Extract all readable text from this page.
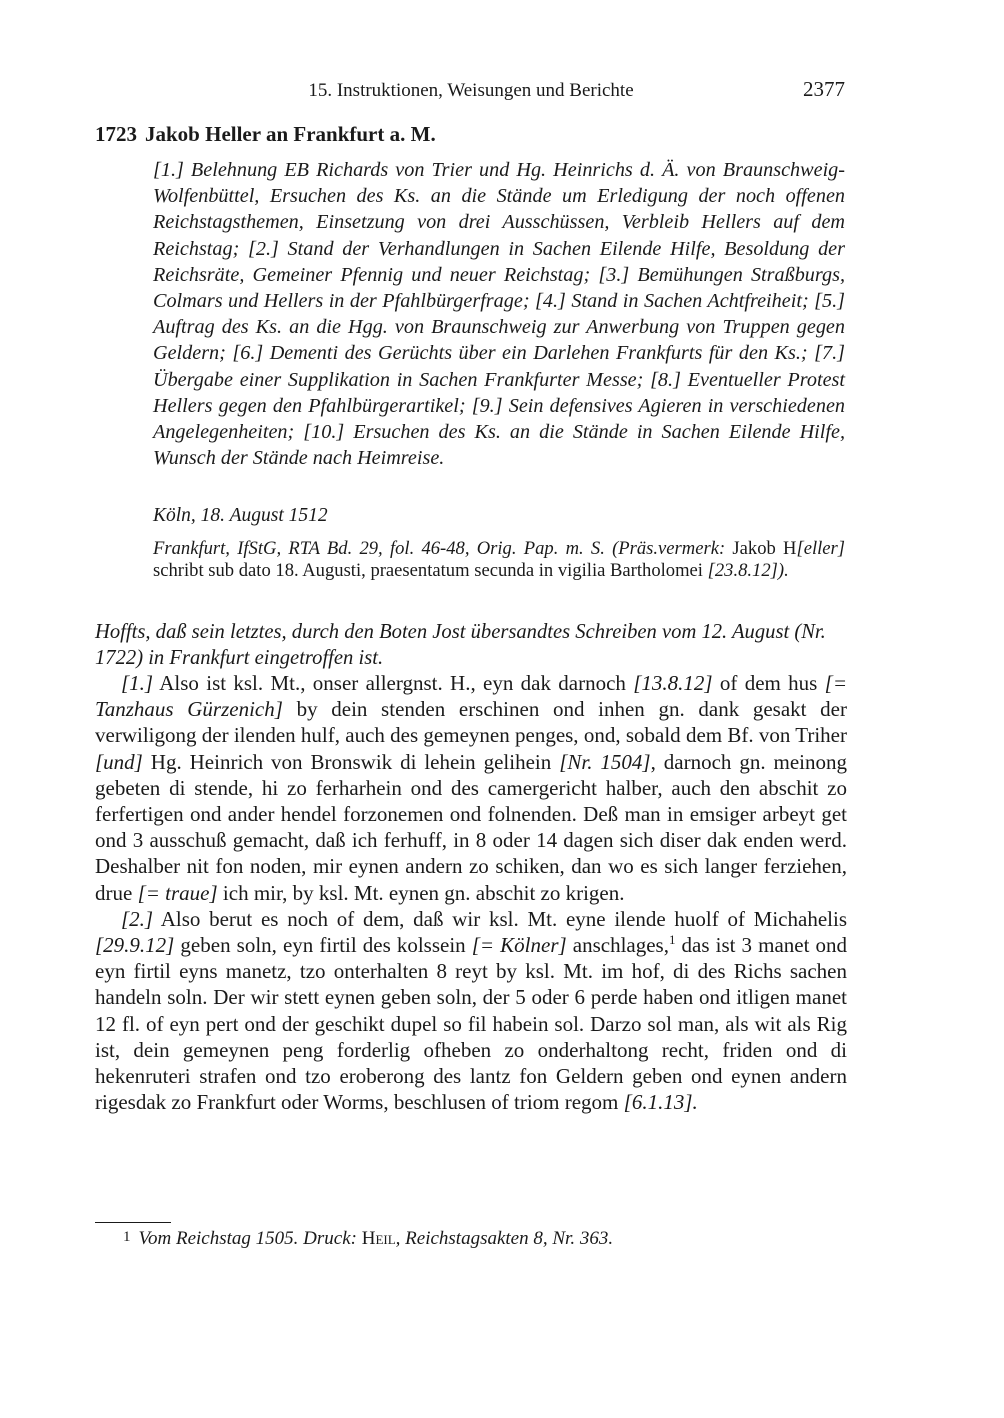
15. Instruktionen, Weisungen und Berichte	2377
1723 Jakob Heller an Frankfurt a. M.

[1.] Belehnung EB Richards von Trier und Hg. Heinrichs d. Ä. von Braunschweig-Wolfenbüttel, Ersuchen des Ks. an die Stände um Erledigung der noch offenen Reichstagsthemen, Einsetzung von drei Ausschüssen, Verbleib Hellers auf dem Reichstag; [2.] Stand der Verhandlungen in Sachen Eilende Hilfe, Besoldung der Reichsräte, Gemeiner Pfennig und neuer Reichstag; [3.] Bemühungen Straßburgs, Colmars und Hellers in der Pfahlbürgerfrage; [4.] Stand in Sachen Achtfreiheit; [5.] Auftrag des Ks. an die Hgg. von Braunschweig zur Anwerbung von Truppen gegen Geldern; [6.] Dementi des Gerüchts über ein Darlehen Frankfurts für den Ks.; [7.] Übergabe einer Supplikation in Sachen Frankfurter Messe; [8.] Eventueller Protest Hellers gegen den Pfahlbürgerartikel; [9.] Sein defensives Agieren in verschiedenen Angelegenheiten; [10.] Ersuchen des Ks. an die Stände in Sachen Eilende Hilfe, Wunsch der Stände nach Heimreise.

Köln, 18. August 1512
Frankfurt, IfStG, RTA Bd. 29, fol. 46-48, Orig. Pap. m. S. (Präs.vermerk: Jakob H[eller] schribt sub dato 18. Augusti, praesentatum secunda in vigilia Bartholomei [23.8.12]).
Hoffts, daß sein letztes, durch den Boten Jost übersandtes Schreiben vom 12. August (Nr. 1722) in Frankfurt eingetroffen ist.

[1.] Also ist ksl. Mt., onser allergnst. H., eyn dak darnoch [13.8.12] of dem hus [= Tanzhaus Gürzenich] by dein stenden erschinen ond inhen gn. dank gesakt der verwiligong der ilenden hulf, auch des gemeynen penges, ond, sobald dem Bf. von Triher [und] Hg. Heinrich von Bronswik di lehein gelihein [Nr. 1504], darnoch gn. meinong gebeten di stende, hi zo ferharhein ond des camergericht halber, auch den abschit zo ferfertigen ond ander hendel forzonemen ond folnenden. Deß man in emsiger arbeyt get ond 3 ausschuß gemacht, daß ich ferhuff, in 8 oder 14 dagen sich diser dak enden werd. Deshalber nit fon noden, mir eynen andern zo schiken, dan wo es sich langer ferziehen, drue [= traue] ich mir, by ksl. Mt. eynen gn. abschit zo krigen.

[2.] Also berut es noch of dem, daß wir ksl. Mt. eyne ilende huolf of Michahelis [29.9.12] geben soln, eyn firtil des kolssein [= Kölner] anschlages,$^1$ das ist 3 manet ond eyn firtil eyns manetz, tzo onterhalten 8 reyt by ksl. Mt. im hof, di des Richs sachen handeln soln. Der wir stett eynen geben soln, der 5 oder 6 perde haben ond itligen manet 12 fl. of eyn pert ond der geschikt dupel so fil habein sol. Darzo sol man, als wit als Rig ist, dein gemeynen peng forderlig ofheben zo onderhaltong recht, friden ond di hekenruteri strafen ond tzo eroberong des lantz fon Geldern geben ond eynen andern rigesdak zo Frankfurt oder Worms, beschlusen of triom regom [6.1.13].

1 Vom Reichstag 1505. Druck: Heil, Reichstagsakten 8, Nr. 363.
